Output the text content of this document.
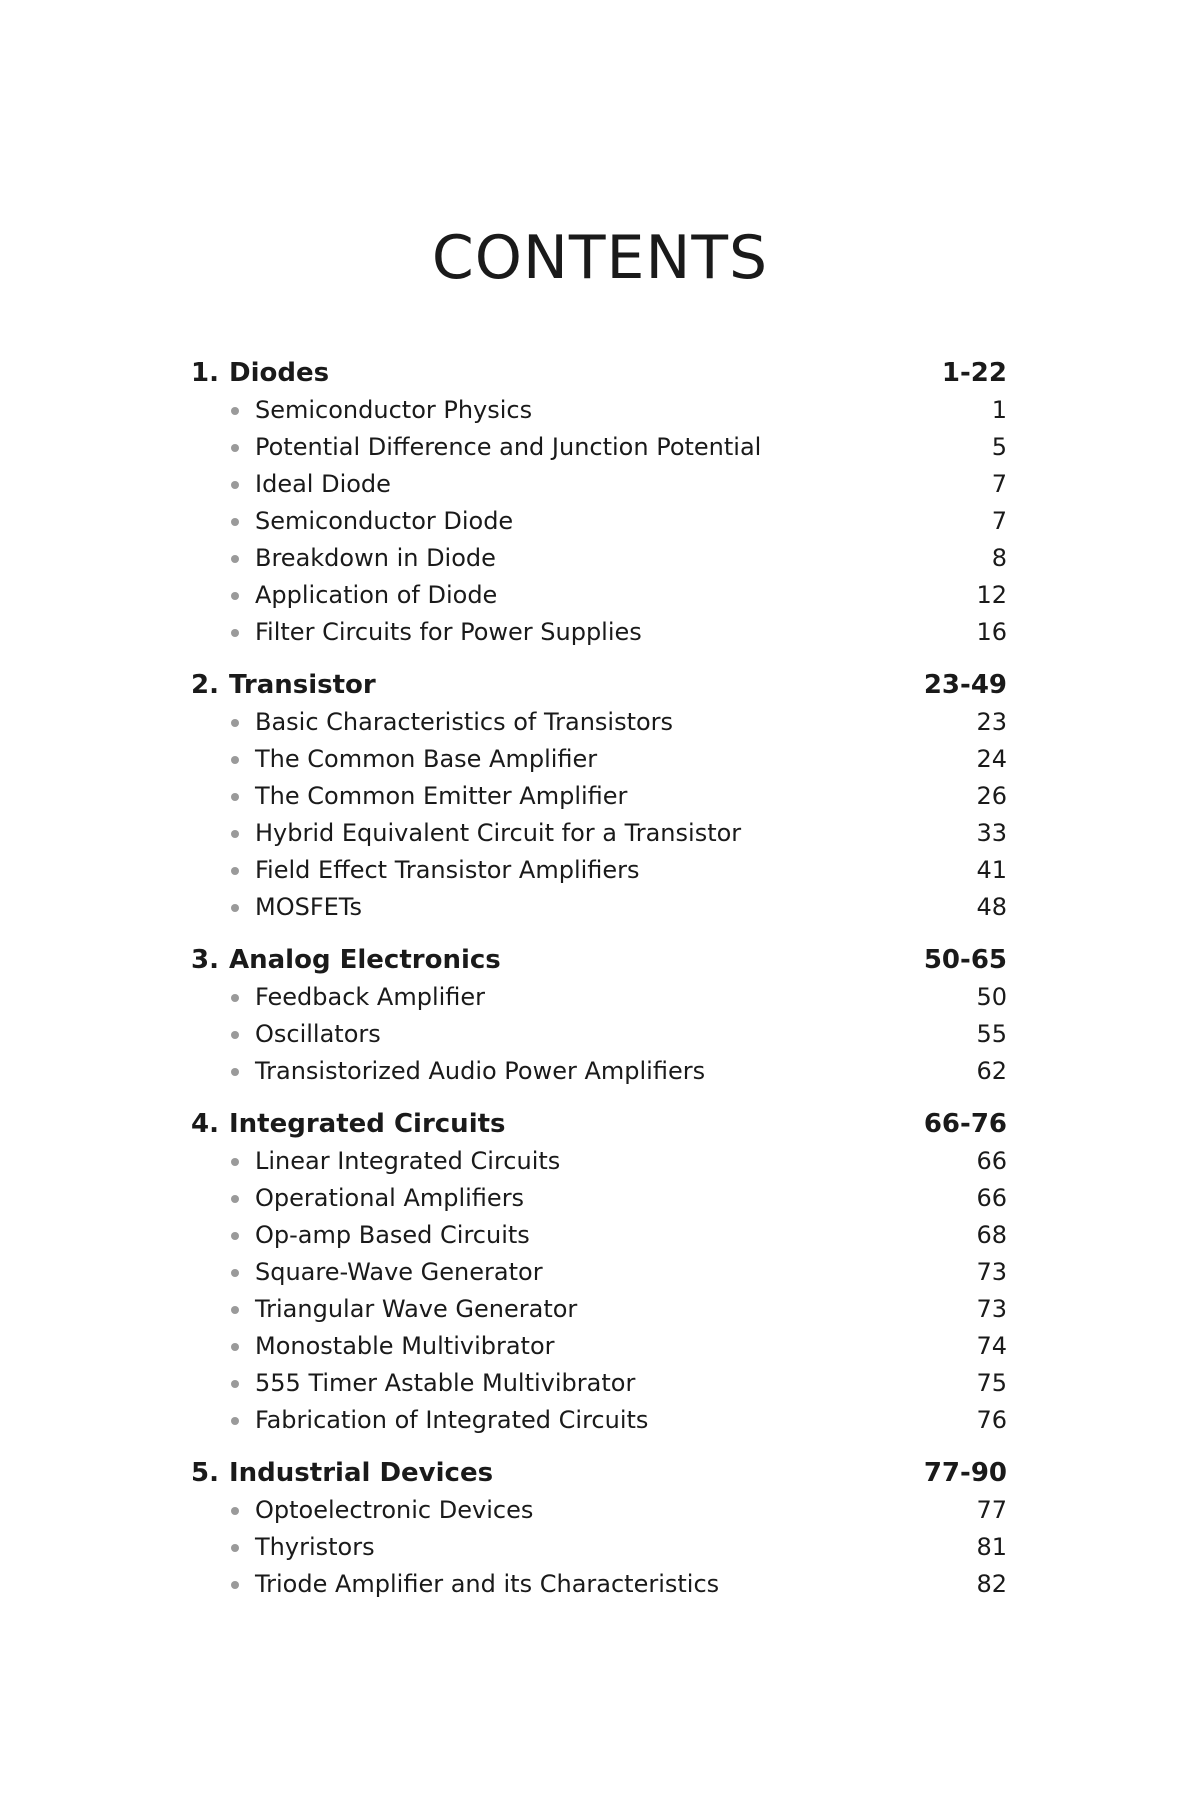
CONTENTS
1. Diodes	1-22
Semiconductor Physics	1
Potential Difference and Junction Potential	5
Ideal Diode	7
Semiconductor Diode	7
Breakdown in Diode	8
Application of Diode	12
Filter Circuits for Power Supplies	16
2. Transistor	23-49
Basic Characteristics of Transistors	23
The Common Base Amplifier	24
The Common Emitter Amplifier	26
Hybrid Equivalent Circuit for a Transistor	33
Field Effect Transistor Amplifiers	41
MOSFETs	48
3. Analog Electronics	50-65
Feedback Amplifier	50
Oscillators	55
Transistorized Audio Power Amplifiers	62
4. Integrated Circuits	66-76
Linear Integrated Circuits	66
Operational Amplifiers	66
Op-amp Based Circuits	68
Square-Wave Generator	73
Triangular Wave Generator	73
Monostable Multivibrator	74
555 Timer Astable Multivibrator	75
Fabrication of Integrated Circuits	76
5. Industrial Devices	77-90
Optoelectronic Devices	77
Thyristors	81
Triode Amplifier and its Characteristics	82
